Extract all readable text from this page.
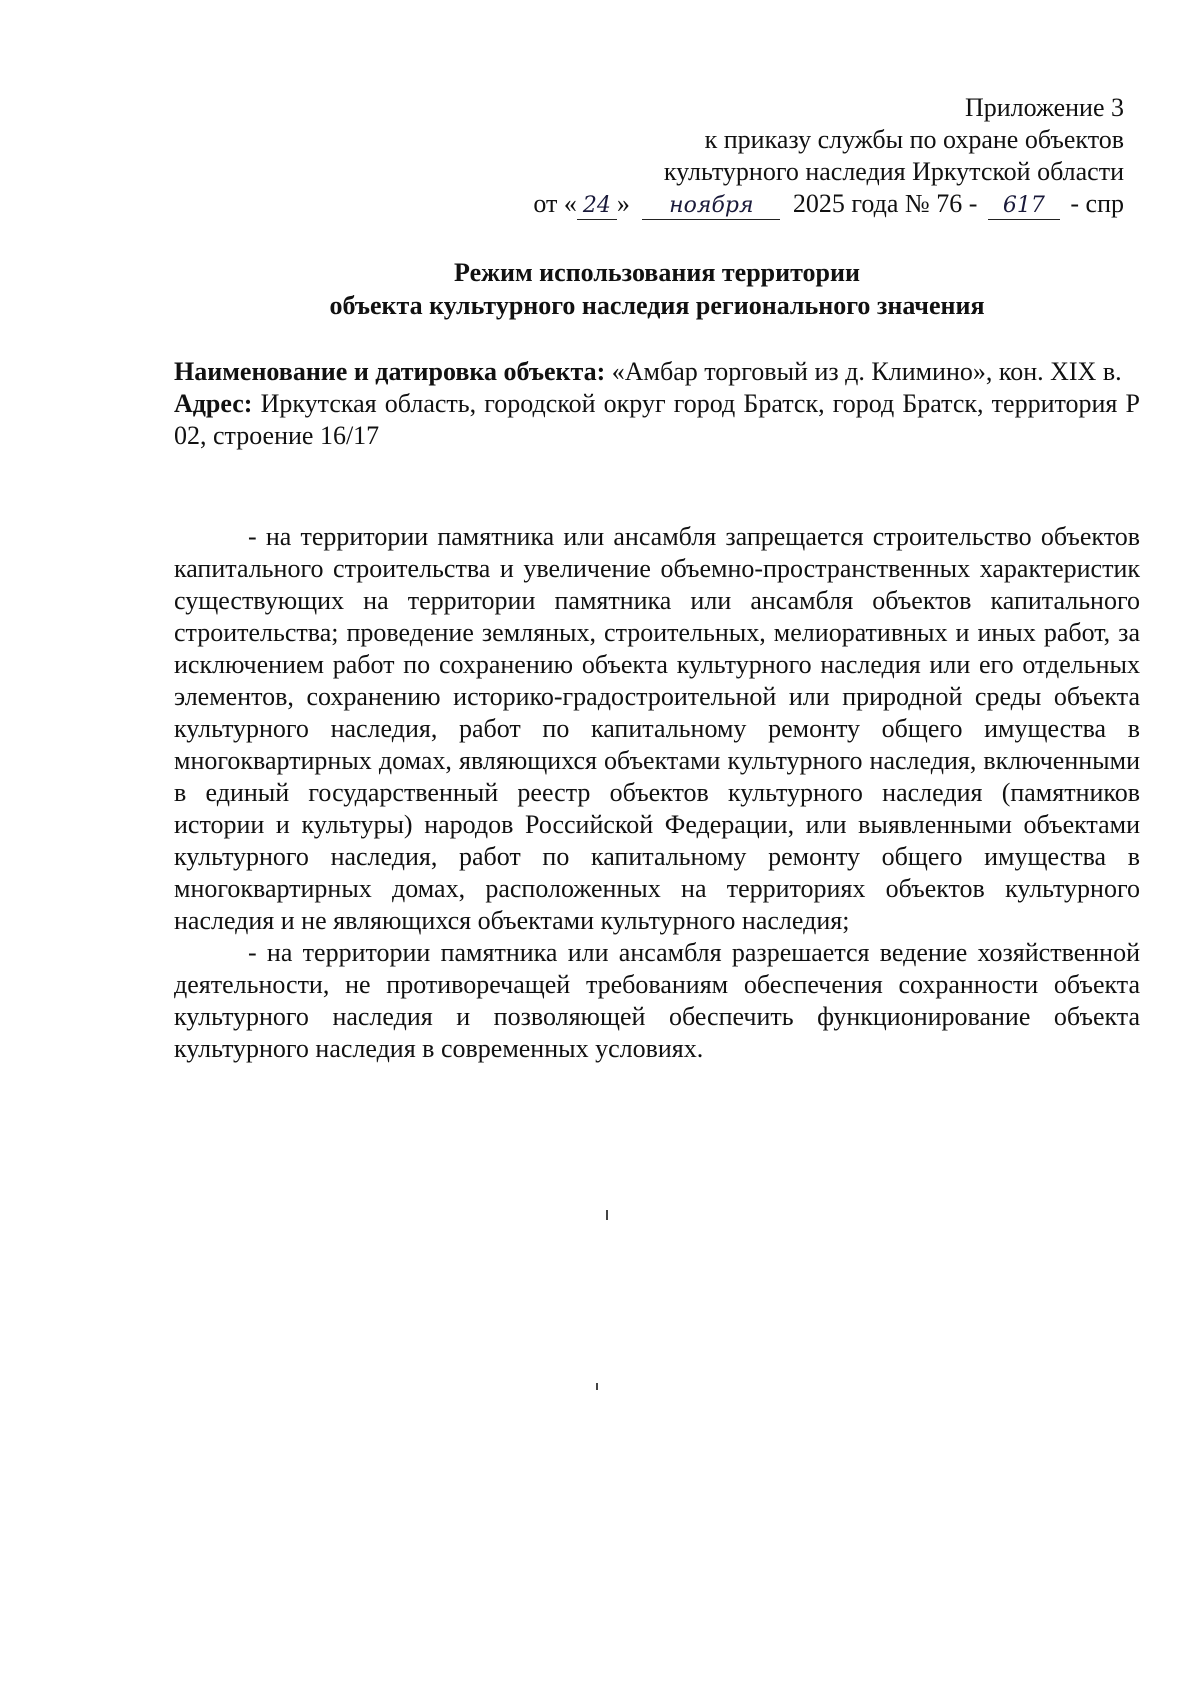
Приложение 3
к приказу службы по охране объектов
культурного наследия Иркутской области
от « 24 » ноября 2025 года № 76 - 617 - спр
Режим использования территории
объекта культурного наследия регионального значения

Наименование и датировка объекта: «Амбар торговый из д. Климино», кон. XIX в.

Адрес: Иркутская область, городской округ город Братск, город Братск, территория Р 02, строение 16/17

- на территории памятника или ансамбля запрещается строительство объектов капитального строительства и увеличение объемно-пространственных характеристик существующих на территории памятника или ансамбля объектов капитального строительства; проведение земляных, строительных, мелиоративных и иных работ, за исключением работ по сохранению объекта культурного наследия или его отдельных элементов, сохранению историко-градостроительной или природной среды объекта культурного наследия, работ по капитальному ремонту общего имущества в многоквартирных домах, являющихся объектами культурного наследия, включенными в единый государственный реестр объектов культурного наследия (памятников истории и культуры) народов Российской Федерации, или выявленными объектами культурного наследия, работ по капитальному ремонту общего имущества в многоквартирных домах, расположенных на территориях объектов культурного наследия и не являющихся объектами культурного наследия;

- на территории памятника или ансамбля разрешается ведение хозяйственной деятельности, не противоречащей требованиям обеспечения сохранности объекта культурного наследия и позволяющей обеспечить функционирование объекта культурного наследия в современных условиях.
